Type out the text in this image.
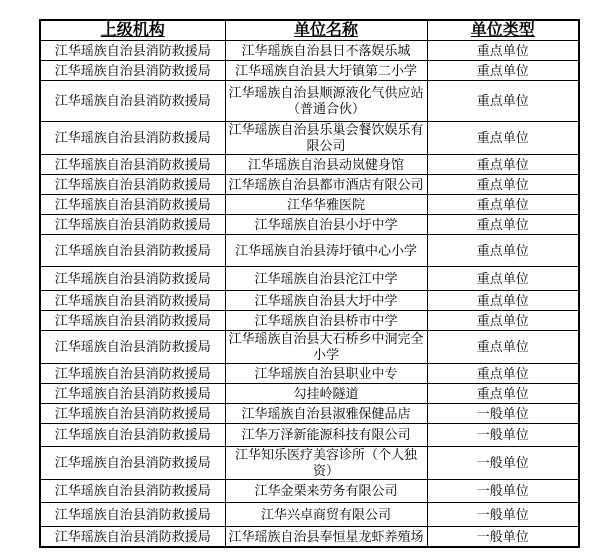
上级机构	单位名称	单位类型
江华瑶族自治县消防救援局	江华瑶族自治县日不落娱乐城	重点单位
江华瑶族自治县消防救援局	江华瑶族自治县大圩镇第二小学	重点单位
江华瑶族自治县消防救援局	江华瑶族自治县顺源液化气供应站（普通合伙）	重点单位
江华瑶族自治县消防救援局	江华瑶族自治县乐巢会餐饮娱乐有限公司	重点单位
江华瑶族自治县消防救援局	江华瑶族自治县动岚健身馆	重点单位
江华瑶族自治县消防救援局	江华瑶族自治县都市酒店有限公司	重点单位
江华瑶族自治县消防救援局	江华华雅医院	重点单位
江华瑶族自治县消防救援局	江华瑶族自治县小圩中学	重点单位
江华瑶族自治县消防救援局	江华瑶族自治县涛圩镇中心小学	重点单位
江华瑶族自治县消防救援局	江华瑶族自治县沱江中学	重点单位
江华瑶族自治县消防救援局	江华瑶族自治县大圩中学	重点单位
江华瑶族自治县消防救援局	江华瑶族自治县桥市中学	重点单位
江华瑶族自治县消防救援局	江华瑶族自治县大石桥乡中洞完全小学	重点单位
江华瑶族自治县消防救援局	江华瑶族自治县职业中专	重点单位
江华瑶族自治县消防救援局	勾挂岭隧道	重点单位
江华瑶族自治县消防救援局	江华瑶族自治县淑雅保健品店	一般单位
江华瑶族自治县消防救援局	江华万泽新能源科技有限公司	一般单位
江华瑶族自治县消防救援局	江华知乐医疗美容诊所（个人独资）	一般单位
江华瑶族自治县消防救援局	江华金栗来劳务有限公司	一般单位
江华瑶族自治县消防救援局	江华兴卓商贸有限公司	一般单位
江华瑶族自治县消防救援局	江华瑶族自治县奉恒星龙虾养殖场	一般单位
